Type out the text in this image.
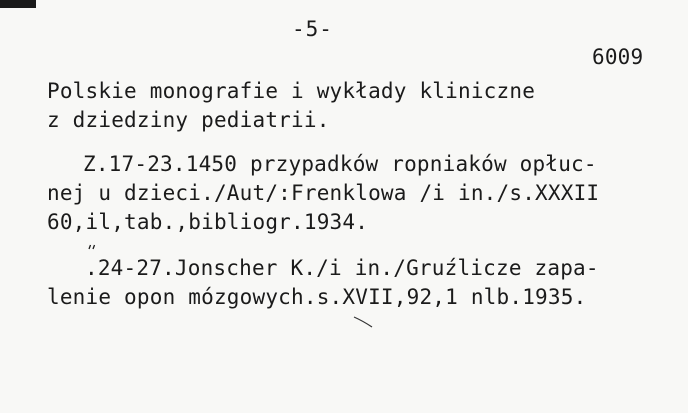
-5-
6009
Polskie monografie i wykłady kliniczne
z dziedziny pediatrii.
Z.17-23.1450 przypadków ropniaków opłuc-
nej u dzieci./Aut/:Frenklowa /i in./s.XXXII
60,il,tab.,bibliogr.1934.
.24-27.Jonscher K./i in./Gruźlicze zapa-
lenie opon mózgowych.s.XVII,92,1 nlb.1935.
